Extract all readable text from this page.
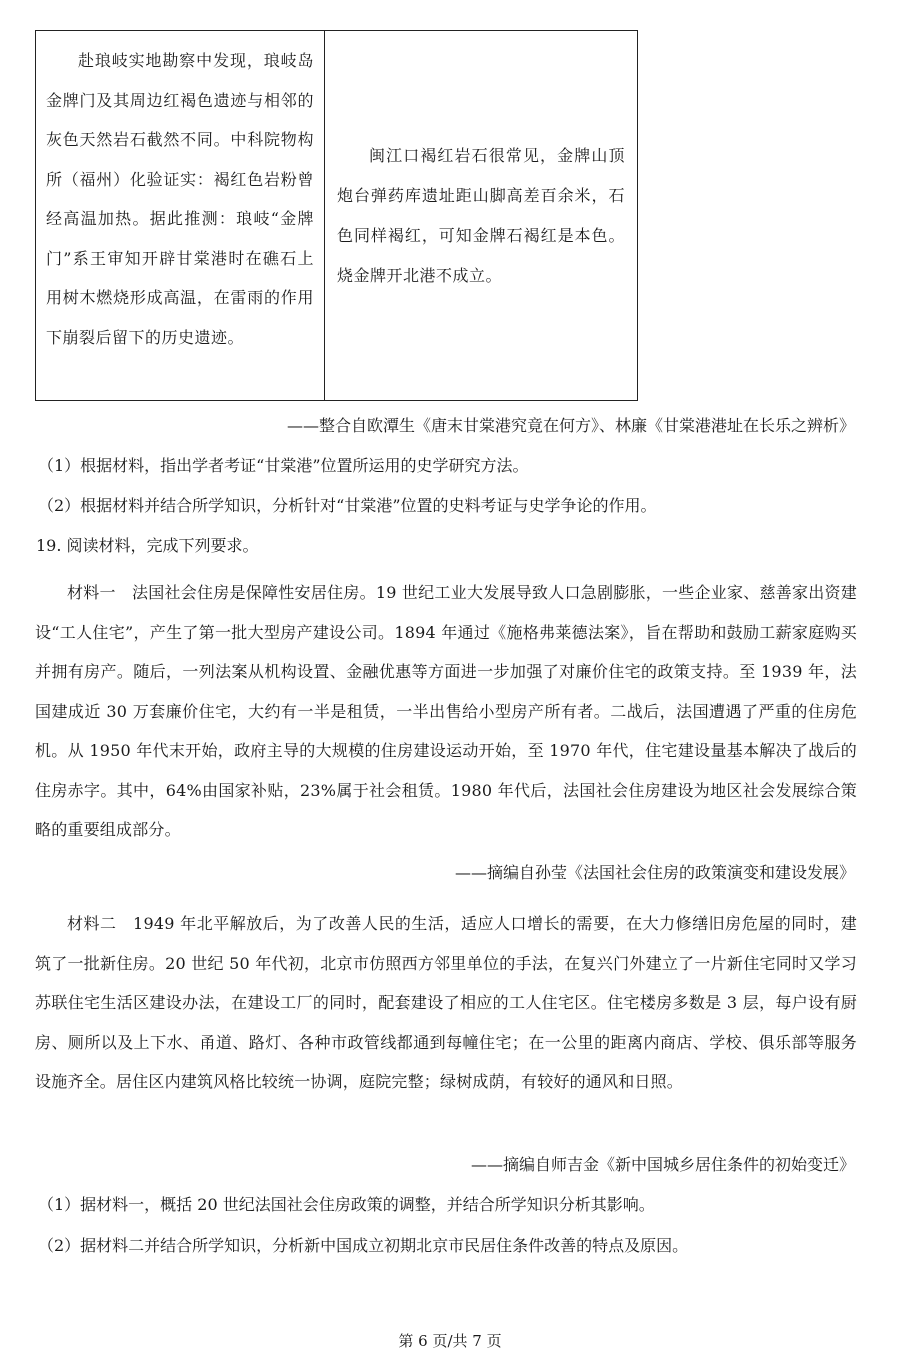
赴琅岐实地勘察中发现，琅岐岛金牌门及其周边红褐色遗迹与相邻的灰色天然岩石截然不同。中科院物构所（福州）化验证实：褐红色岩粉曾经高温加热。据此推测：琅岐“金牌门”系王审知开辟甘棠港时在礁石上用树木燃烧形成高温，在雷雨的作用下崩裂后留下的历史遗迹。

闽江口褐红岩石很常见，金牌山顶炮台弹药库遗址距山脚高差百余米，石色同样褐红，可知金牌石褐红是本色。烧金牌开北港不成立。

——整合自欧潭生《唐末甘棠港究竟在何方》、林廉《甘棠港港址在长乐之辨析》
（1）根据材料，指出学者考证“甘棠港”位置所运用的史学研究方法。
（2）根据材料并结合所学知识，分析针对“甘棠港”位置的史料考证与史学争论的作用。
19. 阅读材料，完成下列要求。

材料一　法国社会住房是保障性安居住房。19 世纪工业大发展导致人口急剧膨胀，一些企业家、慈善家出资建设“工人住宅”，产生了第一批大型房产建设公司。1894 年通过《施格弗莱德法案》，旨在帮助和鼓励工薪家庭购买并拥有房产。随后，一列法案从机构设置、金融优惠等方面进一步加强了对廉价住宅的政策支持。至 1939 年，法国建成近 30 万套廉价住宅，大约有一半是租赁，一半出售给小型房产所有者。二战后，法国遭遇了严重的住房危机。从 1950 年代末开始，政府主导的大规模的住房建设运动开始，至 1970 年代，住宅建设量基本解决了战后的住房赤字。其中，64%由国家补贴，23%属于社会租赁。1980 年代后，法国社会住房建设为地区社会发展综合策略的重要组成部分。

——摘编自孙莹《法国社会住房的政策演变和建设发展》

材料二　1949 年北平解放后，为了改善人民的生活，适应人口增长的需要，在大力修缮旧房危屋的同时，建筑了一批新住房。20 世纪 50 年代初，北京市仿照西方邻里单位的手法，在复兴门外建立了一片新住宅同时又学习苏联住宅生活区建设办法，在建设工厂的同时，配套建设了相应的工人住宅区。住宅楼房多数是 3 层，每户设有厨房、厕所以及上下水、甬道、路灯、各种市政管线都通到每幢住宅；在一公里的距离内商店、学校、俱乐部等服务设施齐全。居住区内建筑风格比较统一协调，庭院完整；绿树成荫，有较好的通风和日照。

——摘编自师吉金《新中国城乡居住条件的初始变迁》
（1）据材料一，概括 20 世纪法国社会住房政策的调整，并结合所学知识分析其影响。
（2）据材料二并结合所学知识，分析新中国成立初期北京市民居住条件改善的特点及原因。
第 6 页/共 7 页
